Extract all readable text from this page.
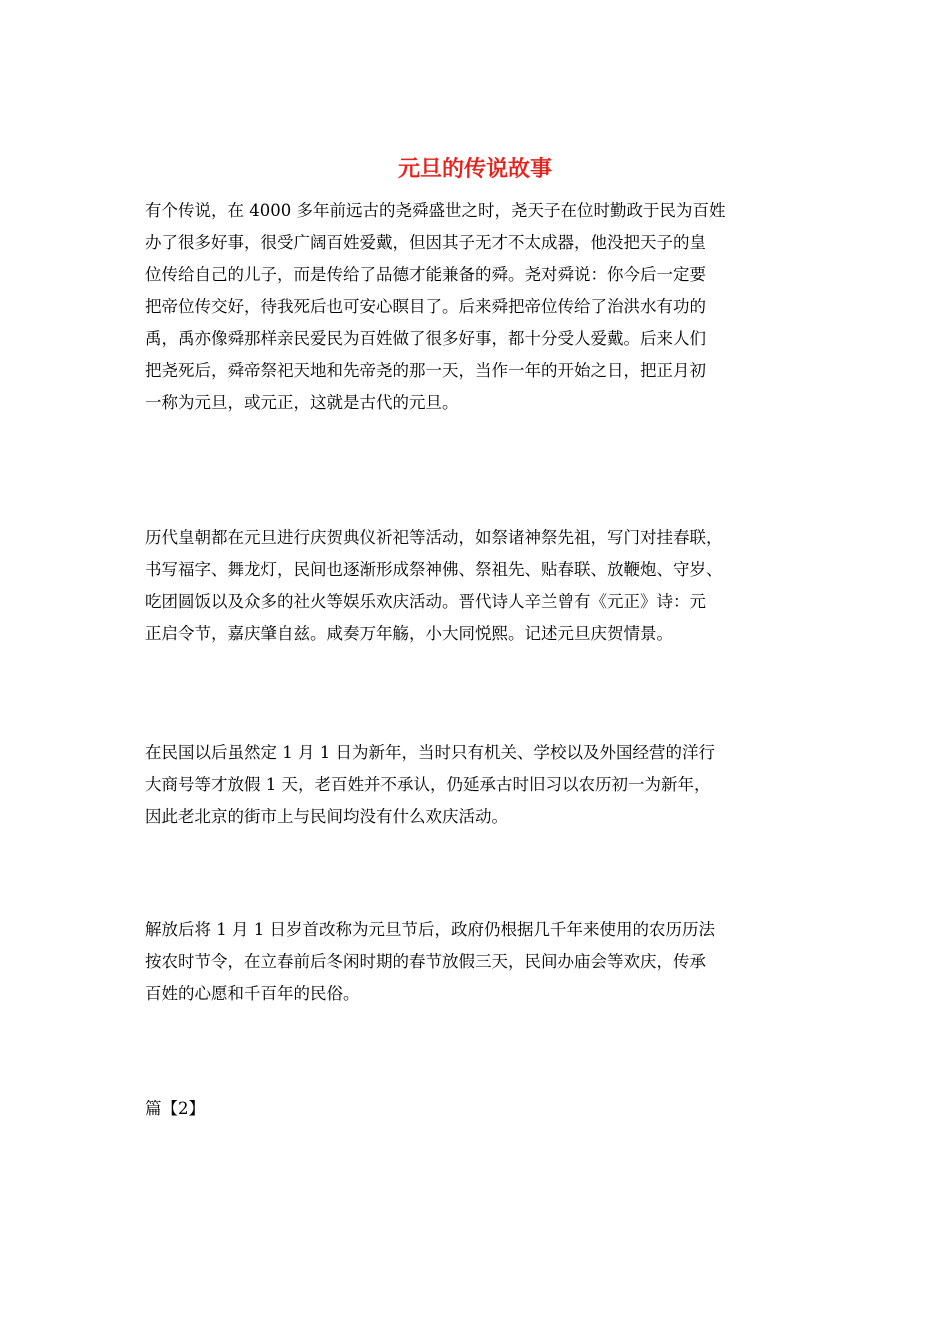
元旦的传说故事
有个传说，在 4000 多年前远古的尧舜盛世之时，尧天子在位时勤政于民为百姓
办了很多好事，很受广阔百姓爱戴，但因其子无才不太成器，他没把天子的皇
位传给自己的儿子，而是传给了品德才能兼备的舜。尧对舜说：你今后一定要
把帝位传交好，待我死后也可安心瞑目了。后来舜把帝位传给了治洪水有功的
禹，禹亦像舜那样亲民爱民为百姓做了很多好事，都十分受人爱戴。后来人们
把尧死后，舜帝祭祀天地和先帝尧的那一天，当作一年的开始之日，把正月初
一称为元旦，或元正，这就是古代的元旦。
历代皇朝都在元旦进行庆贺典仪祈祀等活动，如祭诸神祭先祖，写门对挂春联，
书写福字、舞龙灯，民间也逐渐形成祭神佛、祭祖先、贴春联、放鞭炮、守岁、
吃团圆饭以及众多的社火等娱乐欢庆活动。晋代诗人辛兰曾有《元正》诗：元
正启令节，嘉庆肇自兹。咸奏万年觞，小大同悦熙。记述元旦庆贺情景。
在民国以后虽然定 1 月 1 日为新年，当时只有机关、学校以及外国经营的洋行
大商号等才放假 1 天，老百姓并不承认，仍延承古时旧习以农历初一为新年，
因此老北京的街市上与民间均没有什么欢庆活动。
解放后将 1 月 1 日岁首改称为元旦节后，政府仍根据几千年来使用的农历历法
按农时节令，在立春前后冬闲时期的春节放假三天，民间办庙会等欢庆，传承
百姓的心愿和千百年的民俗。
篇【2】
